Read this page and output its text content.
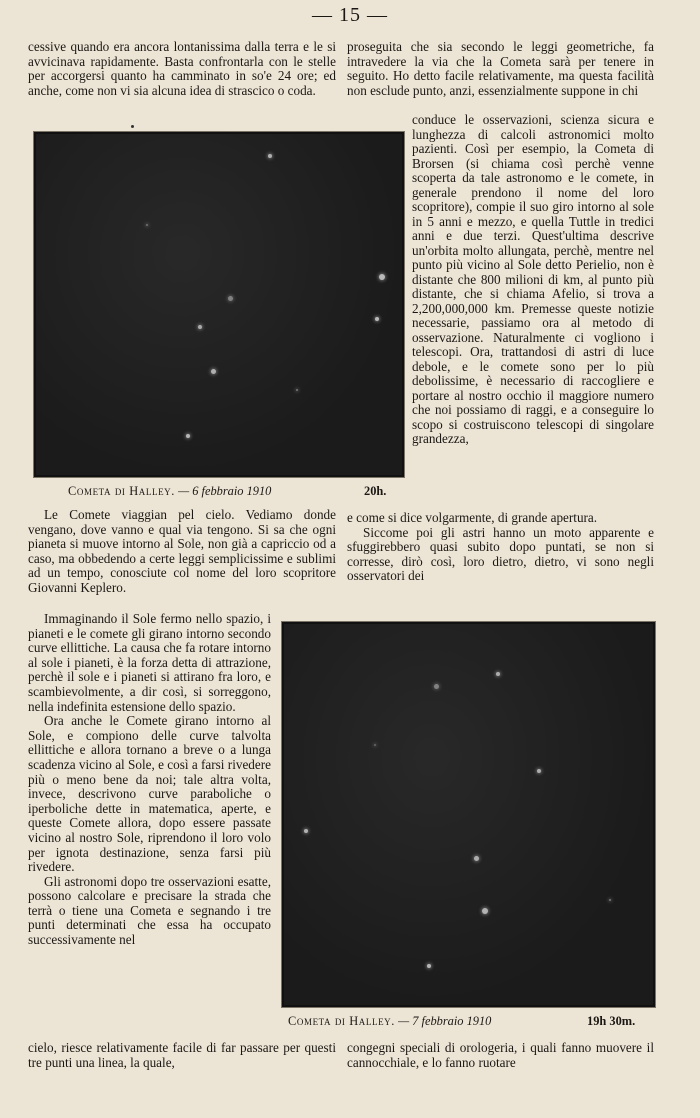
— 15 —

cessive quando era ancora lontanissima dalla terra e le si avvicinava rapidamente. Basta confrontarla con le stelle per accorgersi quanto ha camminato in so'e 24 ore; ed anche, come non vi sia alcuna idea di strascico o coda.

proseguita che sia secondo le leggi geometriche, fa intravedere la via che la Cometa sarà per tenere in seguito. Ho detto facile relativamente, ma questa facilità non esclude punto, anzi, essenzialmente suppone in chi

conduce le osservazioni, scienza sicura e lunghezza di calcoli astronomici molto pazienti. Così per esempio, la Cometa di Brorsen (si chiama così perchè venne scoperta da tale astronomo e le comete, in generale prendono il nome del loro scopritore), compie il suo giro intorno al sole in 5 anni e mezzo, e quella Tuttle in tredici anni e due terzi. Quest'ultima descrive un'orbita molto allungata, perchè, mentre nel punto più vicino al Sole detto Perielio, non è distante che 800 milioni di km, al punto più distante, che si chiama Afelio, si trova a 2,200,000,000 km. Premesse queste notizie necessarie, passiamo ora al metodo di osservazione. Naturalmente ci vogliono i telescopi. Ora, trattandosi di astri di luce debole, e le comete sono per lo più debolissime, è necessario di raccogliere e portare al nostro occhio il maggiore numero che noi possiamo di raggi, e a conseguire lo scopo si costruiscono telescopi di singolare grandezza,

Cometa di Halley. — 6 febbraio 1910	20h.

e come si dice volgarmente, di grande apertura.

Siccome poi gli astri hanno un moto apparente e sfuggirebbero quasi subito dopo puntati, se non si corresse, dirò così, loro dietro, dietro, vi sono negli osservatori dei

Le Comete viaggian pel cielo. Vediamo donde vengano, dove vanno e qual via tengono. Si sa che ogni pianeta si muove intorno al Sole, non già a capriccio od a caso, ma obbedendo a certe leggi semplicissime e sublimi ad un tempo, conosciute col nome del loro scopritore Giovanni Keplero.

Immaginando il Sole fermo nello spazio, i pianeti e le comete gli girano intorno secondo curve ellittiche. La causa che fa rotare intorno al sole i pianeti, è la forza detta di attrazione, perchè il sole e i pianeti si attirano fra loro, e scambievolmente, a dir così, si sorreggono, nella indefinita estensione dello spazio.

Ora anche le Comete girano intorno al Sole, e compiono delle curve talvolta ellittiche e allora tornano a breve o a lunga scadenza vicino al Sole, e così a farsi rivedere più o meno bene da noi; tale altra volta, invece, descrivono curve paraboliche o iperboliche dette in matematica, aperte, e queste Comete allora, dopo essere passate vicino al nostro Sole, riprendono il loro volo per ignota destinazione, senza farsi più rivedere.

Gli astronomi dopo tre osservazioni esatte, possono calcolare e precisare la strada che terrà o tiene una Cometa e segnando i tre punti determinati che essa ha occupato successivamente nel

Cometa di Halley. — 7 febbraio 1910	19h 30m.

cielo, riesce relativamente facile di far passare per questi tre punti una linea, la quale,

congegni speciali di orologeria, i quali fanno muovere il cannocchiale, e lo fanno ruotare
